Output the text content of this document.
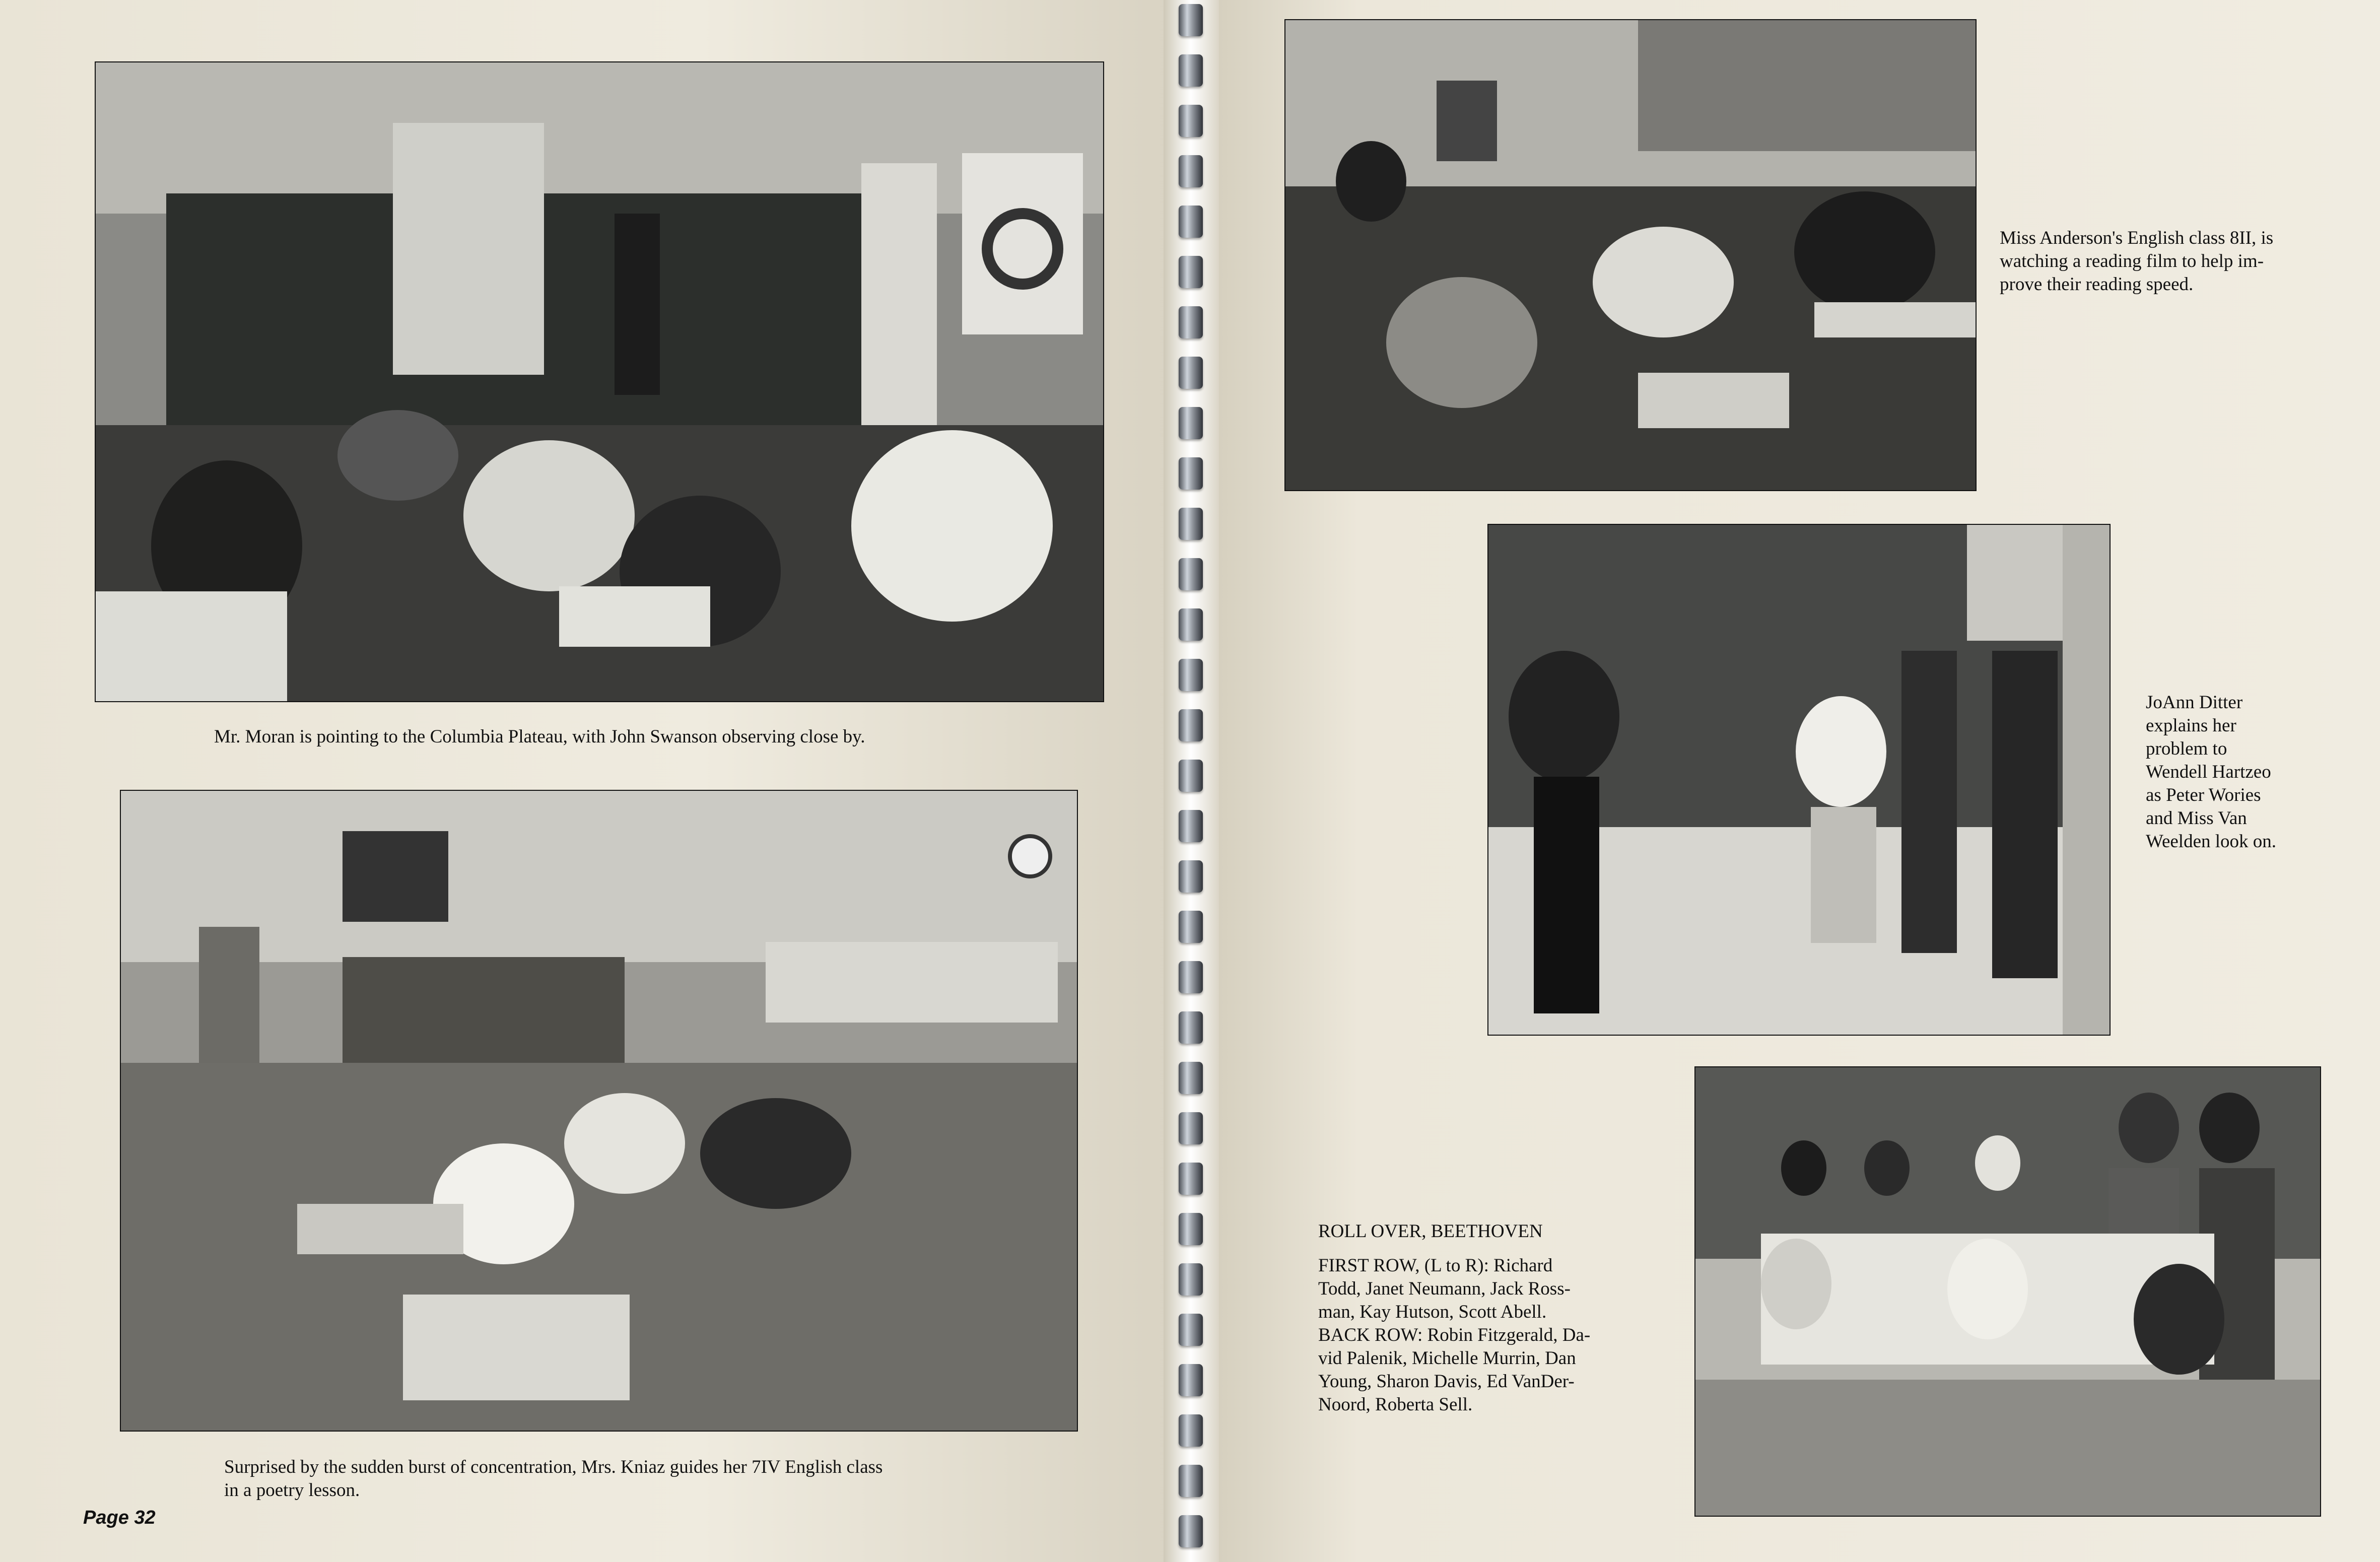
Mr. Moran is pointing to the Columbia Plateau, with John Swanson observing close by.

Surprised by the sudden burst of concentration, Mrs. Kniaz guides her 7IV English class

in a poetry lesson.

Page 32

Miss Anderson's English class 8II, is

watching a reading film to help im-

prove their reading speed.

JoAnn Ditter

explains her

problem to

Wendell Hartzeo

as Peter Wories

and Miss Van

Weelden look on.

ROLL OVER, BEETHOVEN

FIRST ROW, (L to R): Richard

Todd, Janet Neumann, Jack Ross-

man, Kay Hutson, Scott Abell.

BACK ROW: Robin Fitzgerald, Da-

vid Palenik, Michelle Murrin, Dan

Young, Sharon Davis, Ed VanDer-

Noord, Roberta Sell.
